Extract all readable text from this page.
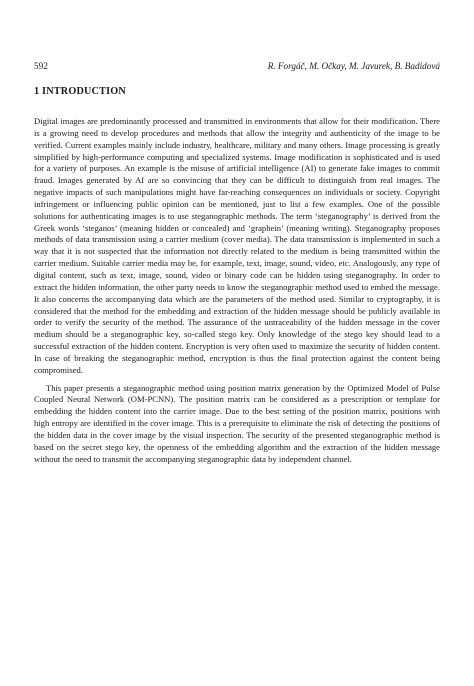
592	R. Forgáč, M. Očkay, M. Javurek, B. Badidová
1 INTRODUCTION

Digital images are predominantly processed and transmitted in environments that allow for their modification. There is a growing need to develop procedures and methods that allow the integrity and authenticity of the image to be verified. Current examples mainly include industry, healthcare, military and many others. Image processing is greatly simplified by high-performance computing and specialized systems. Image modification is sophisticated and is used for a variety of purposes. An example is the misuse of artificial intelligence (AI) to generate fake images to commit fraud. Images generated by AI are so convincing that they can be difficult to distinguish from real images. The negative impacts of such manipulations might have far-reaching consequences on individuals or society. Copyright infringement or influencing public opinion can be mentioned, just to list a few examples. One of the possible solutions for authenticating images is to use steganographic methods. The term ‘steganography’ is derived from the Greek words ‘steganos’ (meaning hidden or concealed) and ‘graphein’ (meaning writing). Steganography proposes methods of data transmission using a carrier medium (cover media). The data transmission is implemented in such a way that it is not suspected that the information not directly related to the medium is being transmitted within the carrier medium. Suitable carrier media may be, for example, text, image, sound, video, etc. Analogously, any type of digital content, such as text, image, sound, video or binary code can be hidden using steganography. In order to extract the hidden information, the other party needs to know the steganographic method used to embed the message. It also concerns the accompanying data which are the parameters of the method used. Similar to cryptography, it is considered that the method for the embedding and extraction of the hidden message should be publicly available in order to verify the security of the method. The assurance of the untraceability of the hidden message in the cover medium should be a steganographic key, so-called stego key. Only knowledge of the stego key should lead to a successful extraction of the hidden content. Encryption is very often used to maximize the security of hidden content. In case of breaking the steganographic method, encryption is thus the final protection against the content being compromised.

This paper presents a steganographic method using position matrix generation by the Optimized Model of Pulse Coupled Neural Network (OM-PCNN). The position matrix can be considered as a prescription or template for embedding the hidden content into the carrier image. Due to the best setting of the position matrix, positions with high entropy are identified in the cover image. This is a prerequisite to eliminate the risk of detecting the positions of the hidden data in the cover image by the visual inspection. The security of the presented steganographic method is based on the secret stego key, the openness of the embedding algorithm and the extraction of the hidden message without the need to transmit the accompanying steganographic data by independent channel.
